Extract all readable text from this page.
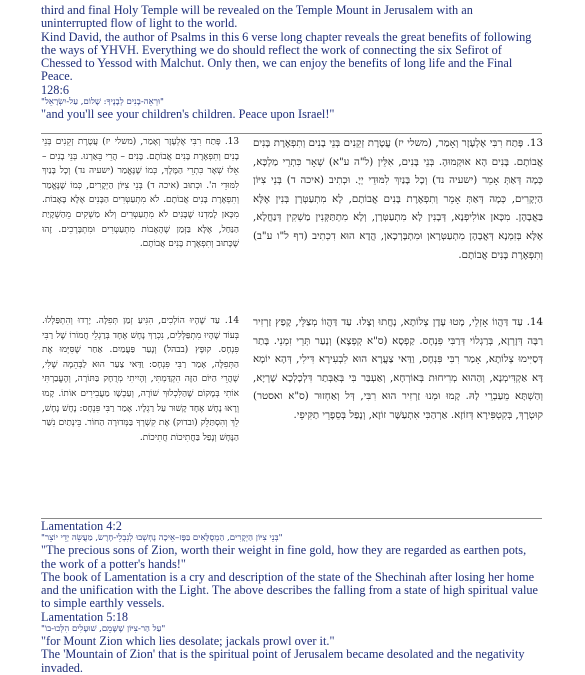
third and final Holy Temple will be revealed on the Temple Mount in Jerusalem with an uninterrupted flow of light to the world.

Kind David, the author of Psalms in this 6 verse long chapter reveals the great benefits of following the ways of YHVH. Everything we do should reflect the work of connecting the six Sefirot of Chessed to Yessod with Malchut. Only then, we can enjoy the benefits of long life and the Final Peace.

128:6

"וּרְאֵה-בָנִים לְבָנֶיךָ: שָׁלוֹם, עַל-יִשְׂרָאֵל"

"and you'll see your children's children. Peace upon Israel!"

13. פָּתַח רִבִּי אֶלְעָזָר וְאָמַר, (משלי יז) עֲטֶרֶת זְקֵנִים בְּנֵי בָנִים וְתִפְאֶרֶת בָּנִים אֲבוֹתָם. בָּנִים הָא אוּקְמוּהָ. בְּנֵי בָּנִים, אִלֵּין (ל"ה ע"א) שְׁאָר כִּתְרֵי מַלְכָּא, כְּמָה דְּאַתְּ אָמֵר (ישעיה נד) וְכָל בָּנַיִךְ לִמּוּדֵי יְיָ. וּכְתִיב (איכה ד) בְּנֵי צִיּוֹן הַיְקָרִים, כְּמָה דְּאַתְּ אָמֵר וְתִפְאֶרֶת בָּנִים אֲבוֹתָם, לָא מִתְעַטְּרָן בְּנִין אֶלָּא בַּאֲבָהָן. מִכָּאן אוֹלִיפְנָא, דְּבָנִין לָא מִתְעַטְּרָן, וְלָא מִתְתַּקְּנִין מַשְׁקִין דְּנַחֲלָא, אֶלָּא בְּזִמְנָא דְּאֲבָהָן מִתְעַטְּרָאן וּמִתְבָּרְכָאן, הֲדָא הוּא דִכְתִיב (דף ל"ו ע"ב) וְתִפְאֶרֶת בָּנִים אֲבוֹתָם.
14. עַד דַּהֲווֹ אָזְלֵי, מָטוּ עָדָן צְלוֹתָא, נָחֲתוּ וְצָלוּ. עַד דַּהֲווֹ מְצַלֵּי, קָפַץ זַרְזִיר רַבָּה דְּזָרְזָא, בְּרַגְלוֹי דְּרַבִּי פִּנְחָס. קַפְסָא (ס"א קְפְצָא) וְנָעַר תְּרֵי זִמְנֵי. בָּתַר דְּסַיִּימוּ צְלוֹתָא, אָמַר רִבִּי פִּנְחָס, וַדַּאי צַעֲרָא הוּא לִבְעִירָא דִּילִי, דְּהָא יוֹמָא דָּא אַקְדִּימְנָא, וְהַהוּא מְרִיחוּת בְּאוֹרְחָא, וְאַעְבַּר בִּי בְּאַבְּתַר דִּלְכָלְכָא שָׁרְיָא, וְהַשְׁתָּא מֵעַבְרֵי לָהּ. קָמוּ וּמְנוּ זַרְזִיר הוּא רִבִּי, דְּל וְאַחְזוּר (ס"א ואסטר) קוּטְרָךְ, בְּקִטְפִּירָא דְּזוֹזָא. אַרְהַכִּי אִתְעַשָּׁר זוֹזָא, וְנָפַל בְּסֵפֶרֵי תַקִּיפֵי.
13. פָּתַח רִבִּי אֶלְעָזָר וְאָמַר, (משלי יז) עֲטֶרֶת זְקֵנִים בְּנֵי בָנִים וְתִפְאֶרֶת בָּנִים אֲבוֹתָם. בָּנִים – הֲרֵי בֵּאַרְנוּ. בְּנֵי בָנִים – אֵלּוּ שְׁאָר כִּתְרֵי הַמֶּלֶךְ, כְּמוֹ שֶׁנֶּאֱמַר (ישעיה נד) וְכָל בָּנַיִךְ לִמּוּדֵי ה'. וּכְתוּב (איכה ד) בְּנֵי צִיּוֹן הַיְקָרִים, כְּמוֹ שֶׁנֶּאֱמַר וְתִפְאֶרֶת בָּנִים אֲבוֹתָם. לֹא מִתְעַטְּרִים הַבָּנִים אֶלָּא בָּאָבוֹת. מִכָּאן לָמַדְנוּ שֶׁבָּנִים לֹא מִתְעַטְּרִים וְלֹא מַשְׁקִים מֵהַשְׁקָיַת הַנַּחַל, אֶלָּא בַּזְּמַן שֶׁהָאָבוֹת מִתְעַטְּרִים וּמִתְבָּרְכִים. זֶהוּ שֶׁכָּתוּב וְתִפְאֶרֶת בָּנִים אֲבוֹתָם.
14. עַד שֶׁהָיוּ הוֹלְכִים, הִגִּיעַ זְמַן תְּפִלָּה. יָרְדוּ וְהִתְפַּלְּלוּ. בְּעוֹד שֶׁהָיוּ מִתְפַּלְּלִים, נִכְרַךְ נָחָשׁ אֶחָד בְּרַגְלֵי חֲמוֹרוֹ שֶׁל רַבִּי פִּנְחָס. קוּפָץ (בבהל) וְנָעַר פַּעֲמַיִם. אַחַר שֶׁסִּיְּמוּ אֶת הַתְּפִלָּה, אָמַר רַבִּי פִּנְחָס: וַדַּאי צַעַר הוּא לַבְּהֵמָה שֶׁלִּי, שֶׁהֲרֵי הַיּוֹם הַזֶּה הִקְדַּמְתִּי, וְהָיִיתִי מְרֻחָק בַּתּוֹרָה, וְהֶעֱבַרְתִּי אוֹתִי בְּמָקוֹם שֶׁהַלִּכְלוּךְ שׁוֹרֶה, וְעַכְשָׁו מַעֲבִירִים אוֹתוֹ. קָמוּ וְרָאוּ נָחָשׁ אֶחָד קָשׁוּר עַל רַגְלָיו. אָמַר רַבִּי פִּנְחָס: נָחָשׁ נָחָשׁ, לֵךְ וְהִסְתַּלֵּק (ובדוק) אֶת קִשְׁרְךָ בַּמְּדוּרָה הַחוֹר. בֵּינְתַיִם נִשַּׁר הַנָּחָשׁ וְנָפַל בַּחֲתִיכוֹת חֲתִיכוֹת.

Lamentation 4:2

"בְּנֵי צִיּוֹן הַיְקָרִים, הַמְסֻלָּאִים בַּפָּז–אֵיכָה נֶחְשְׁבוּ לְנִבְלֵי-חֶרֶשׂ, מַעֲשֵׂה יְדֵי יוֹצֵר"

"The precious sons of Zion, worth their weight in fine gold, how they are regarded as earthen pots, the work of a potter's hands!"

The book of Lamentation is a cry and description of the state of the Shechinah after losing her home and the unification with the Light. The above describes the falling from a state of high spiritual value to simple earthly vessels.

Lamentation 5:18

"עַל הַר-צִיּוֹן שֶׁשָּׁמֵם, שׁוּעָלִים הִלְּכוּ-בוֹ"

"for Mount Zion which lies desolate; jackals prowl over it."

The 'Mountain of Zion' that is the spiritual point of Jerusalem became desolated and the negativity invaded.
